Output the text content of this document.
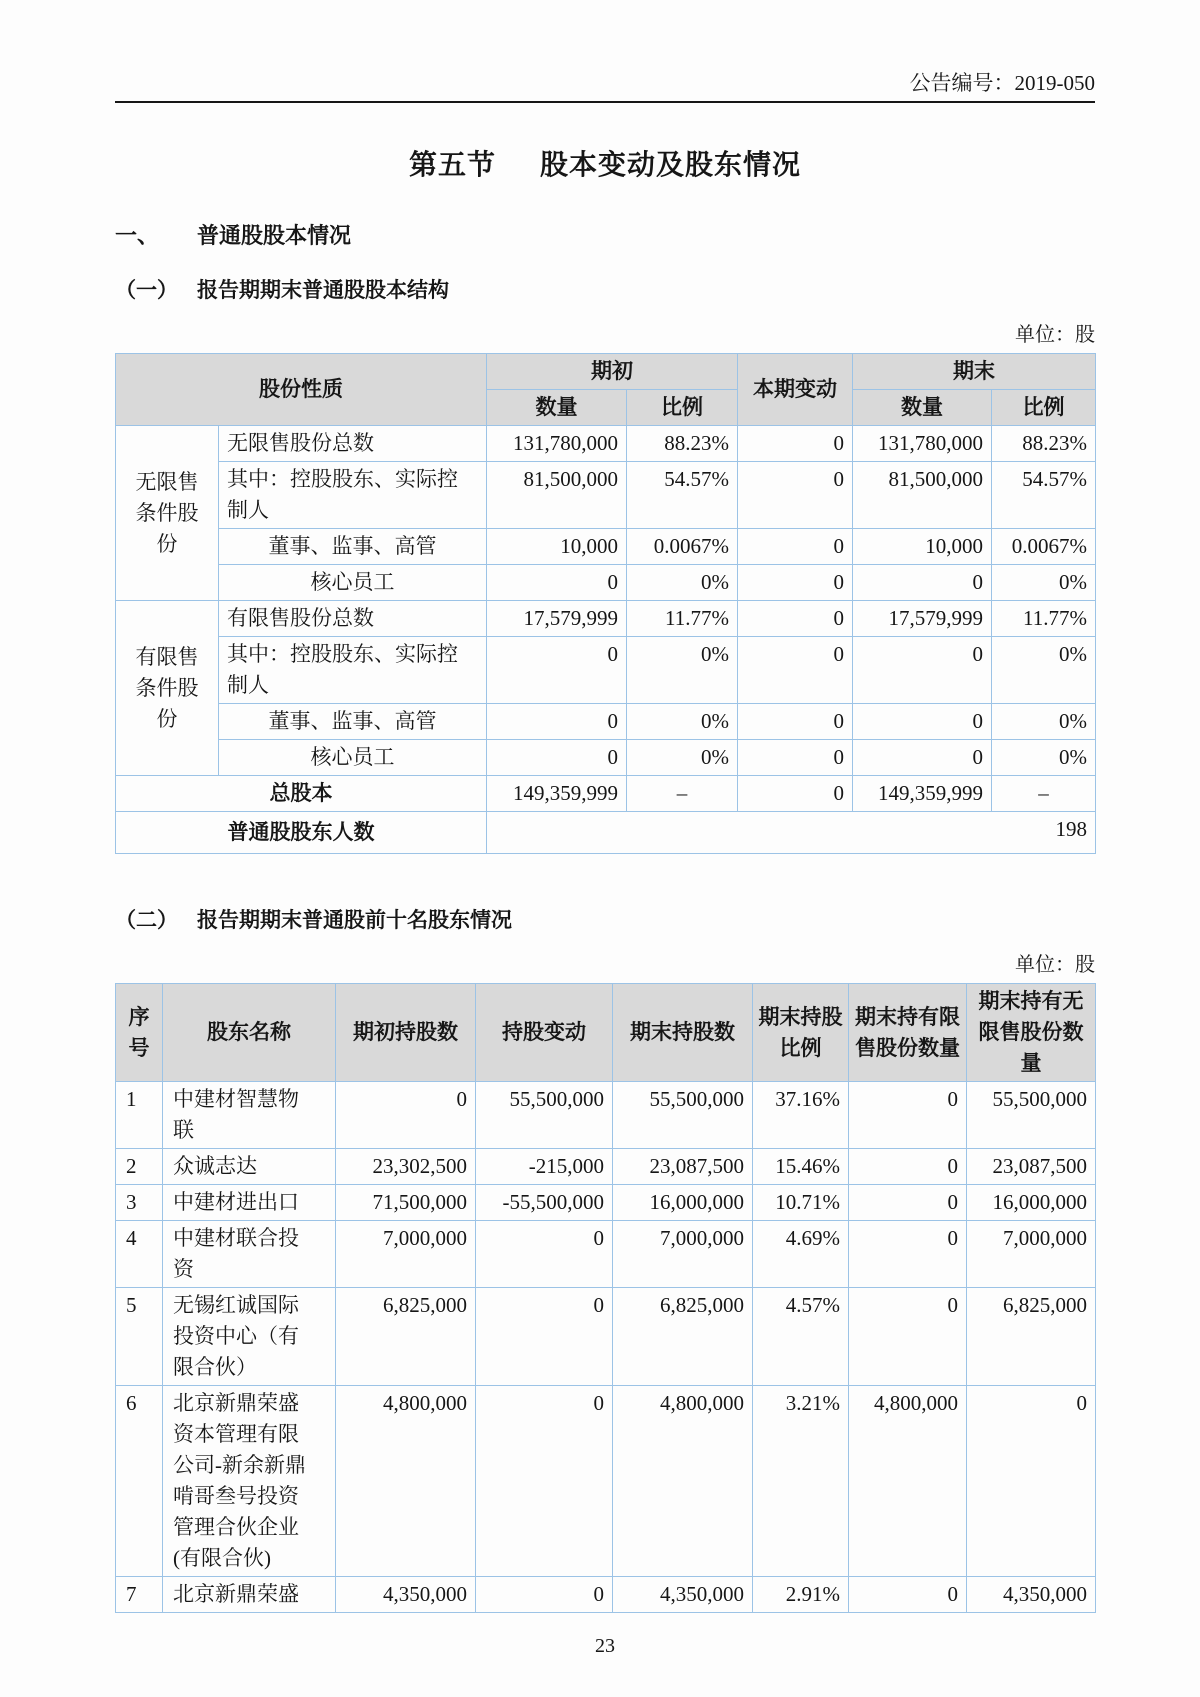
公告编号：2019-050
第五节 股本变动及股东情况
一、	普通股股本情况
（一） 报告期期末普通股股本结构
单位：股
股份性质		期初		本期变动	期末	
		数量	比例		数量	比例
无限售条件股份	无限售股份总数	131,780,000	88.23%	0	131,780,000	88.23%
	其中：控股股东、实际控制人	81,500,000	54.57%	0	81,500,000	54.57%
	董事、监事、高管	10,000	0.0067%	0	10,000	0.0067%
	核心员工	0	0%	0	0	0%
有限售条件股份	有限售股份总数	17,579,999	11.77%	0	17,579,999	11.77%
	其中：控股股东、实际控制人	0	0%	0	0	0%
	董事、监事、高管	0	0%	0	0	0%
	核心员工	0	0%	0	0	0%
总股本		149,359,999	–	0	149,359,999	–
普通股股东人数		198				
（二） 报告期期末普通股前十名股东情况
单位：股
序号	股东名称	期初持股数	持股变动	期末持股数	期末持股比例	期末持有限售股份数量	期末持有无限售股份数量
1	中建材智慧物联	0	55,500,000	55,500,000	37.16%	0	55,500,000
2	众诚志达	23,302,500	-215,000	23,087,500	15.46%	0	23,087,500
3	中建材进出口	71,500,000	-55,500,000	16,000,000	10.71%	0	16,000,000
4	中建材联合投资	7,000,000	0	7,000,000	4.69%	0	7,000,000
5	无锡红诚国际投资中心（有限合伙）	6,825,000	0	6,825,000	4.57%	0	6,825,000
6	北京新鼎荣盛资本管理有限公司-新余新鼎啃哥叁号投资管理合伙企业(有限合伙)	4,800,000	0	4,800,000	3.21%	4,800,000	0
7	北京新鼎荣盛	4,350,000	0	4,350,000	2.91%	0	4,350,000
23
